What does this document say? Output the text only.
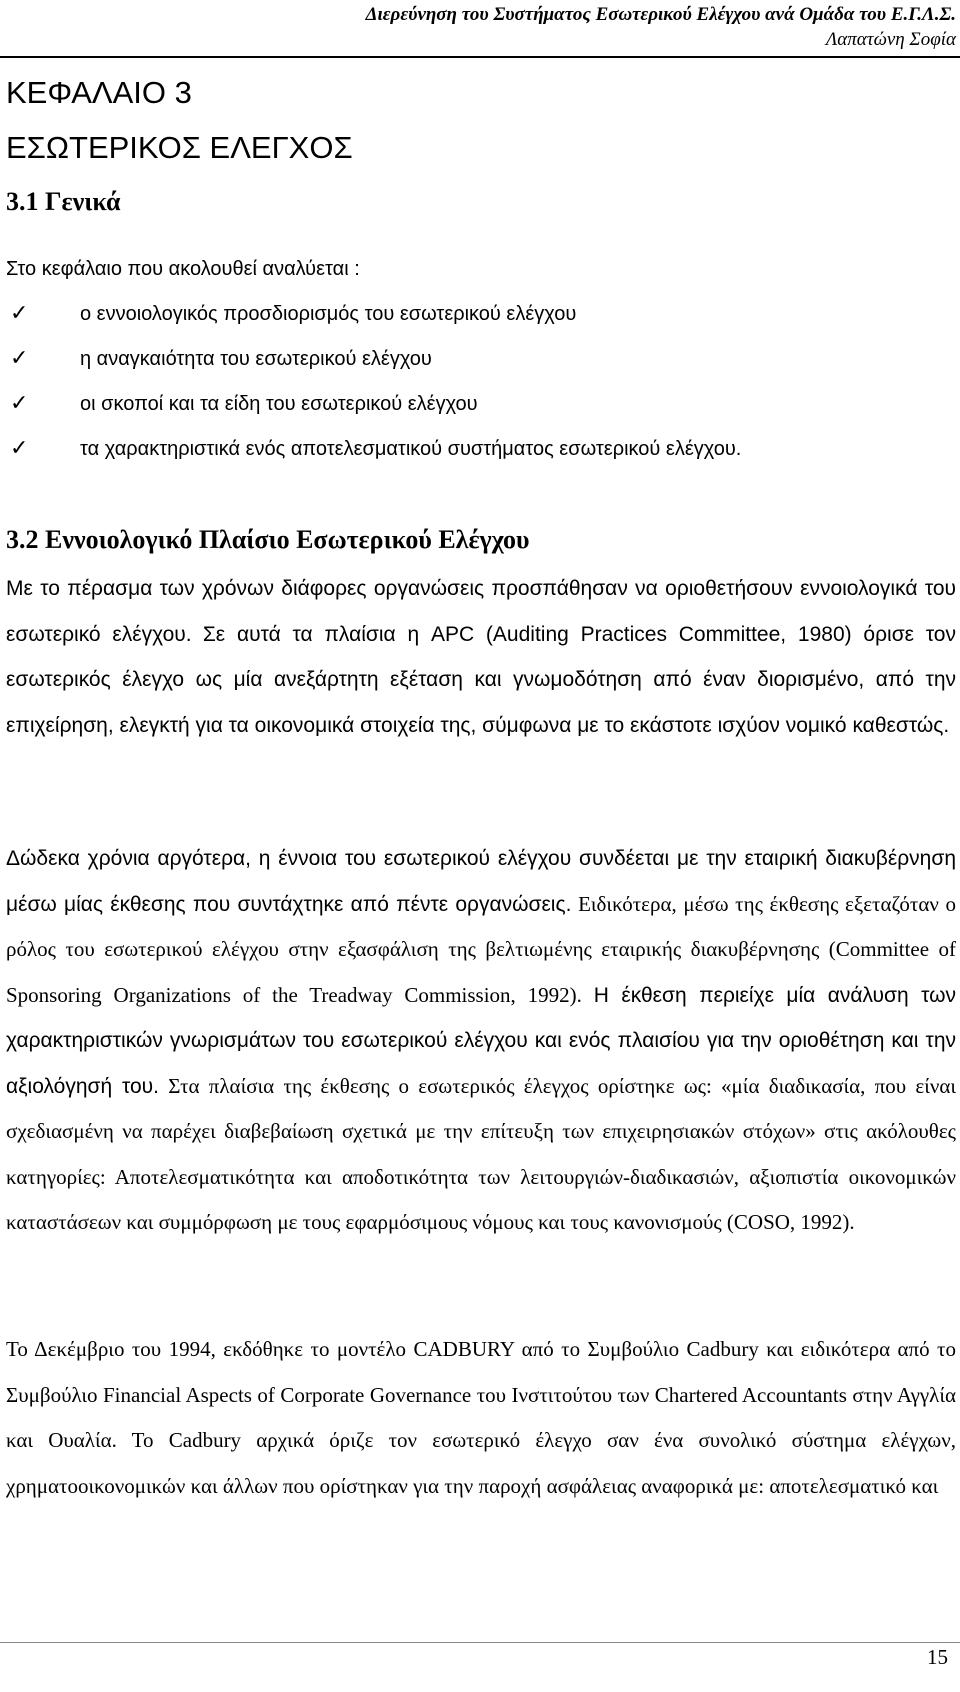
Διερεύνηση του Συστήματος Εσωτερικού Ελέγχου ανά Ομάδα του Ε.Γ.Λ.Σ.
Λαπατώνη Σοφία
ΚΕΦΑΛΑΙΟ 3
ΕΣΩΤΕΡΙΚΟΣ ΕΛΕΓΧΟΣ
3.1 Γενικά
Στο κεφάλαιο που ακολουθεί αναλύεται :
✓	ο εννοιολογικός προσδιορισμός του εσωτερικού ελέγχου
✓	η αναγκαιότητα του εσωτερικού ελέγχου
✓	οι σκοποί και τα είδη του εσωτερικού ελέγχου
✓	τα χαρακτηριστικά ενός αποτελεσματικού συστήματος εσωτερικού ελέγχου.
3.2 Εννοιολογικό Πλαίσιο Εσωτερικού Ελέγχου

Με το πέρασμα των χρόνων διάφορες οργανώσεις προσπάθησαν να οριοθετήσουν εννοιολογικά του εσωτερικό ελέγχου. Σε αυτά τα πλαίσια η APC (Auditing Practices Committee, 1980) όρισε τον εσωτερικός έλεγχο ως μία ανεξάρτητη εξέταση και γνωμοδότηση από έναν διορισμένο, από την επιχείρηση, ελεγκτή για τα οικονομικά στοιχεία της, σύμφωνα με το εκάστοτε ισχύον νομικό καθεστώς.

Δώδεκα χρόνια αργότερα, η έννοια του εσωτερικού ελέγχου συνδέεται με την εταιρική διακυβέρνηση μέσω μίας έκθεσης που συντάχτηκε από πέντε οργανώσεις. Ειδικότερα, μέσω της έκθεσης εξεταζόταν ο ρόλος του εσωτερικού ελέγχου στην εξασφάλιση της βελτιωμένης εταιρικής διακυβέρνησης (Committee of Sponsoring Organizations of the Treadway Commission, 1992). Η έκθεση περιείχε μία ανάλυση των χαρακτηριστικών γνωρισμάτων του εσωτερικού ελέγχου και ενός πλαισίου για την οριοθέτηση και την αξιολόγησή του. Στα πλαίσια της έκθεσης ο εσωτερικός έλεγχος ορίστηκε ως: «μία διαδικασία, που είναι σχεδιασμένη να παρέχει διαβεβαίωση σχετικά με την επίτευξη των επιχειρησιακών στόχων» στις ακόλουθες κατηγορίες: Αποτελεσματικότητα και αποδοτικότητα των λειτουργιών-διαδικασιών, αξιοπιστία οικονομικών καταστάσεων και συμμόρφωση με τους εφαρμόσιμους νόμους και τους κανονισμούς (COSO, 1992).

Το Δεκέμβριο του 1994, εκδόθηκε το μοντέλο CADBURY από το Συμβούλιο Cadbury και ειδικότερα από το Συμβούλιο Financial Aspects of Corporate Governance του Ινστιτούτου των Chartered Accountants στην Αγγλία και Ουαλία. Το Cadbury αρχικά όριζε τον εσωτερικό έλεγχο σαν ένα συνολικό σύστημα ελέγχων, χρηματοοικονομικών και άλλων που ορίστηκαν για την παροχή ασφάλειας αναφορικά με: αποτελεσματικό και

15
